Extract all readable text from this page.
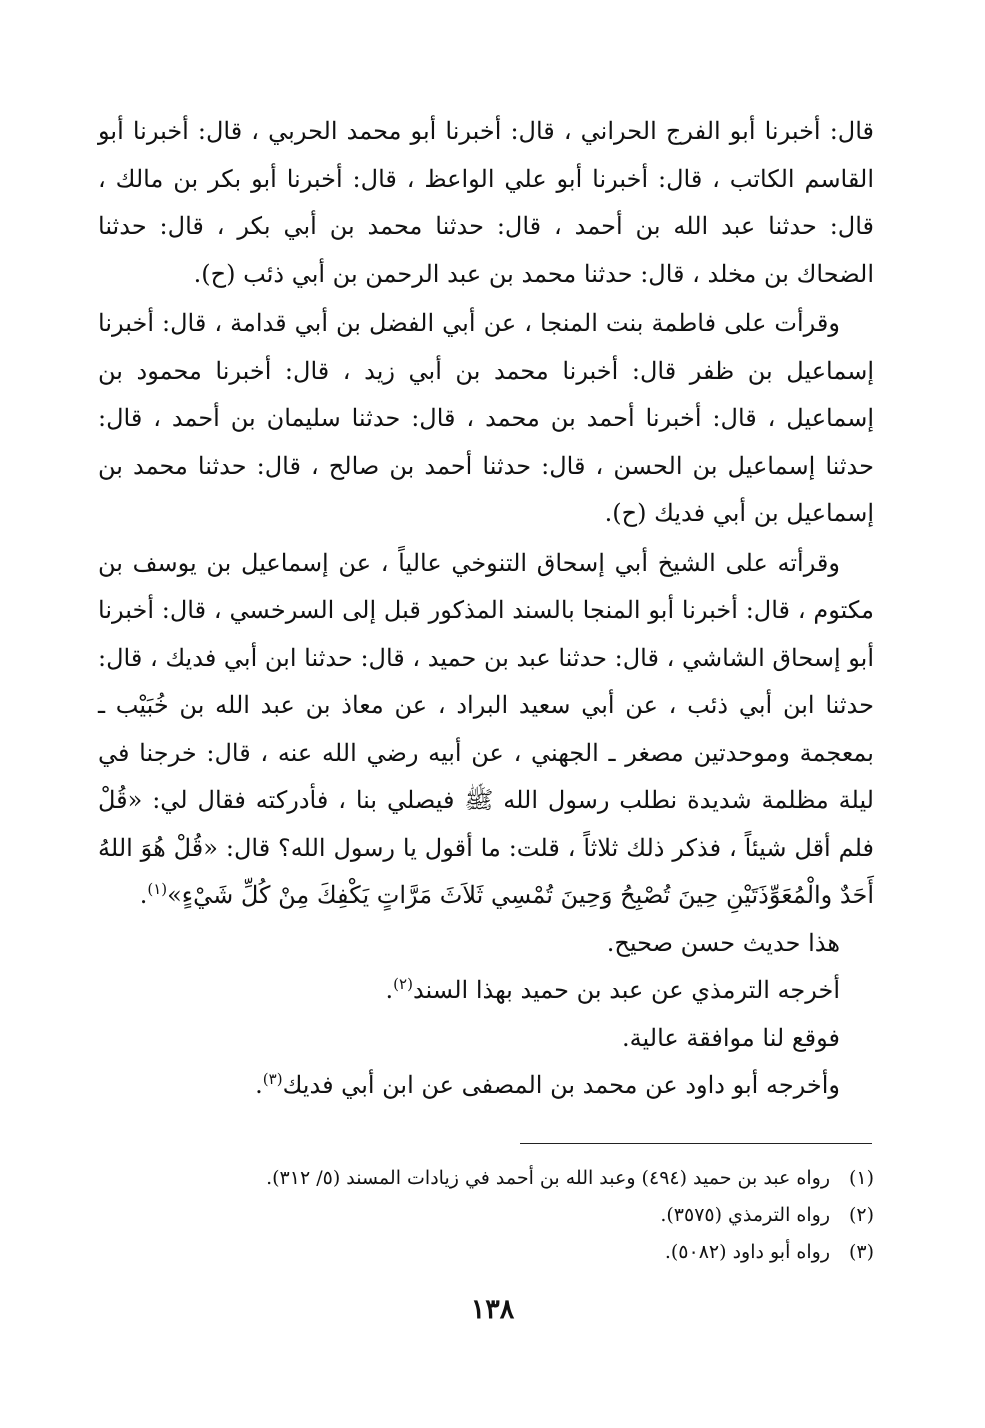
قال: أخبرنا أبو الفرج الحراني ، قال: أخبرنا أبو محمد الحربي ، قال: أخبرنا أبو القاسم الكاتب ، قال: أخبرنا أبو علي الواعظ ، قال: أخبرنا أبو بكر بن مالك ، قال: حدثنا عبد الله بن أحمد ، قال: حدثنا محمد بن أبي بكر ، قال: حدثنا الضحاك بن مخلد ، قال: حدثنا محمد بن عبد الرحمن بن أبي ذئب (ح).

وقرأت على فاطمة بنت المنجا ، عن أبي الفضل بن أبي قدامة ، قال: أخبرنا إسماعيل بن ظفر قال: أخبرنا محمد بن أبي زيد ، قال: أخبرنا محمود بن إسماعيل ، قال: أخبرنا أحمد بن محمد ، قال: حدثنا سليمان بن أحمد ، قال: حدثنا إسماعيل بن الحسن ، قال: حدثنا أحمد بن صالح ، قال: حدثنا محمد بن إسماعيل بن أبي فديك (ح).

وقرأته على الشيخ أبي إسحاق التنوخي عالياً ، عن إسماعيل بن يوسف بن مكتوم ، قال: أخبرنا أبو المنجا بالسند المذكور قبل إلى السرخسي ، قال: أخبرنا أبو إسحاق الشاشي ، قال: حدثنا عبد بن حميد ، قال: حدثنا ابن أبي فديك ، قال: حدثنا ابن أبي ذئب ، عن أبي سعيد البراد ، عن معاذ بن عبد الله بن خُبَيْب ـ بمعجمة وموحدتين مصغر ـ الجهني ، عن أبيه رضي الله عنه ، قال: خرجنا في ليلة مظلمة شديدة نطلب رسول الله ﷺ فيصلي بنا ، فأدركته فقال لي: «قُلْ فلم أقل شيئاً ، فذكر ذلك ثلاثاً ، قلت: ما أقول يا رسول الله؟ قال: «قُلْ هُوَ اللهُ أَحَدٌ والْمُعَوِّذَتَيْنِ حِينَ تُصْبِحُ وَحِينَ تُمْسِي ثَلاَثَ مَرَّاتٍ يَكْفِكَ مِنْ كُلِّ شَيْءٍ»$^{(١)}$.

هذا حديث حسن صحيح.

أخرجه الترمذي عن عبد بن حميد بهذا السند$^{(٢)}$.

فوقع لنا موافقة عالية.

وأخرجه أبو داود عن محمد بن المصفى عن ابن أبي فديك$^{(٣)}$.

(١)رواه عبد بن حميد (٤٩٤) وعبد الله بن أحمد في زيادات المسند (٥/ ٣١٢).

(٢)رواه الترمذي (٣٥٧٥).

(٣)رواه أبو داود (٥٠٨٢).

١٣٨
